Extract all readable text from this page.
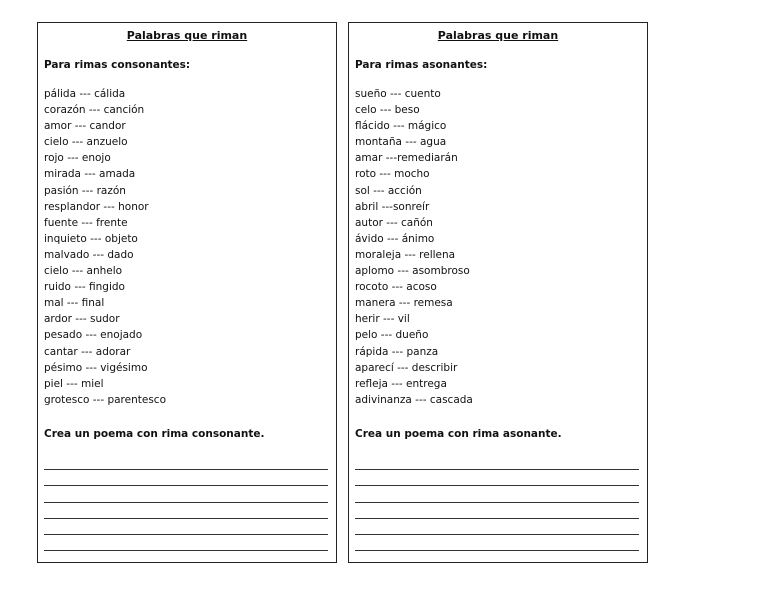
Palabras que riman
Para rimas consonantes:
pálida --- cálida
corazón --- canción
amor --- candor
cielo --- anzuelo
rojo --- enojo
mirada --- amada
pasión --- razón
resplandor --- honor
fuente --- frente
inquieto --- objeto
malvado --- dado
cielo --- anhelo
ruido --- fingido
mal --- final
ardor --- sudor
pesado --- enojado
cantar --- adorar
pésimo --- vigésimo
piel --- miel
grotesco --- parentesco
Crea un poema con rima consonante.
Palabras que riman
Para rimas asonantes:
sueño --- cuento
celo --- beso
flácido --- mágico
montaña --- agua
amar ---remediarán
roto --- mocho
sol --- acción
abril ---sonreír
autor --- cañón
ávido --- ánimo
moraleja --- rellena
aplomo --- asombroso
rocoto --- acoso
manera --- remesa
herir --- vil
pelo --- dueño
rápida --- panza
aparecí --- describir
refleja --- entrega
adivinanza --- cascada
Crea un poema con rima asonante.
